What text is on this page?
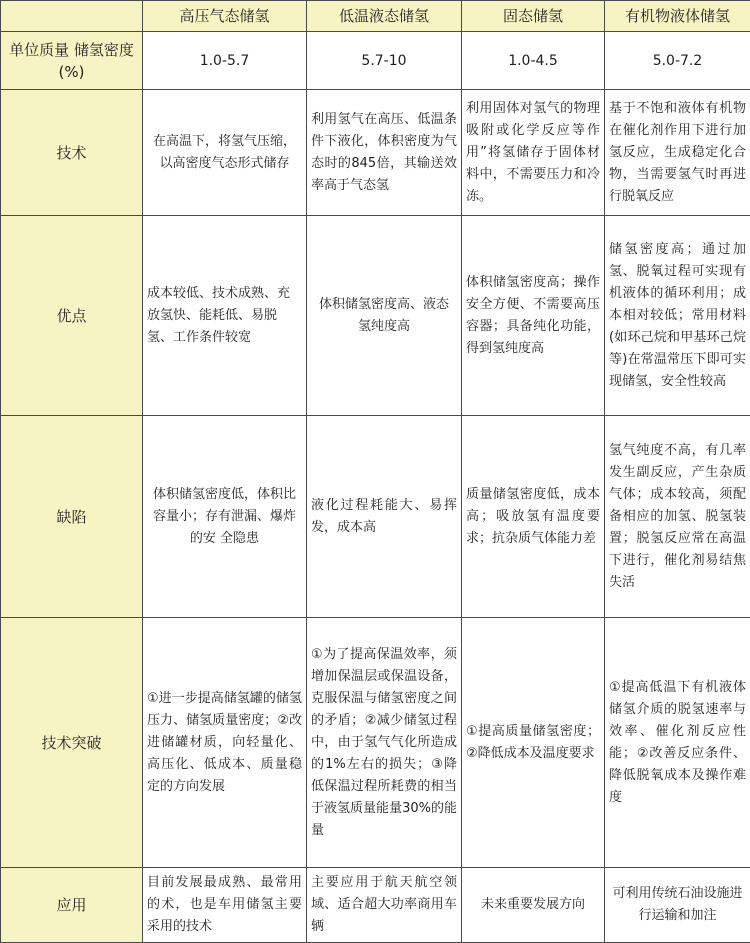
	高压气态储氢	低温液态储氢	固态储氢	有机物液体储氢
单位质量 储氢密度 (%)	1.0-5.7	5.7-10	1.0-4.5	5.0-7.2
技术	在高温下，将氢气压缩，以高密度气态形式储存	利用氢气在高压、低温条件下液化，体积密度为气态时的845倍，其输送效率高于气态氢	利用固体对氢气的物理吸附或化学反应等作用”将氢储存于固体材料中，不需要压力和冷冻。	基于不饱和液体有机物在催化剂作用下进行加氢反应，生成稳定化合物，当需要氢气时再进行脱氧反应
优点	成本较低、技术成熟、充放氢快、能耗低、易脱氢、工作条件较宽	体积储氢密度高、液态氢纯度高	体积储氢密度高；操作安全方便、不需要高压容器；具备纯化功能，得到氢纯度高	储氢密度高；通过加氢、脱氧过程可实现有机液体的循环利用；成本相对较低；常用材料(如环己烷和甲基环己烷等)在常温常压下即可实现储氢，安全性较高
缺陷	体积储氢密度低，体积比容量小；存有泄漏、爆炸的安 全隐患	液化过程耗能大、易挥发，成本高	质量储氢密度低，成本高；吸放氢有温度要求；抗杂质气体能力差	氢气纯度不高，有几率发生副反应，产生杂质气体；成本较高，须配备相应的加氢、脱氢装置；脱氢反应常在高温下进行，催化剂易结焦失活
技术突破	①进一步提高储氢罐的储氢压力、储氢质量密度；②改进储罐材质，向轻量化、高压化、低成本、质量稳定的方向发展	①为了提高保温效率，须增加保温层或保温设备，克服保温与储氢密度之间的矛盾；②减少储氢过程中，由于氢气气化所造成的1%左右的损失；③降低保温过程所耗费的相当于液氢质量能量30%的能量	①提高质量储氢密度；②降低成本及温度要求	①提高低温下有机液体储氢介质的脱氢速率与效率、催化剂反应性能；②改善反应条件、降低脱氧成本及操作难度
应用	目前发展最成熟、最常用的术，也是车用储氢主要采用的技术	主要应用于航天航空领域、适合超大功率商用车辆	未来重要发展方向	可利用传统石油设施进行运输和加注
